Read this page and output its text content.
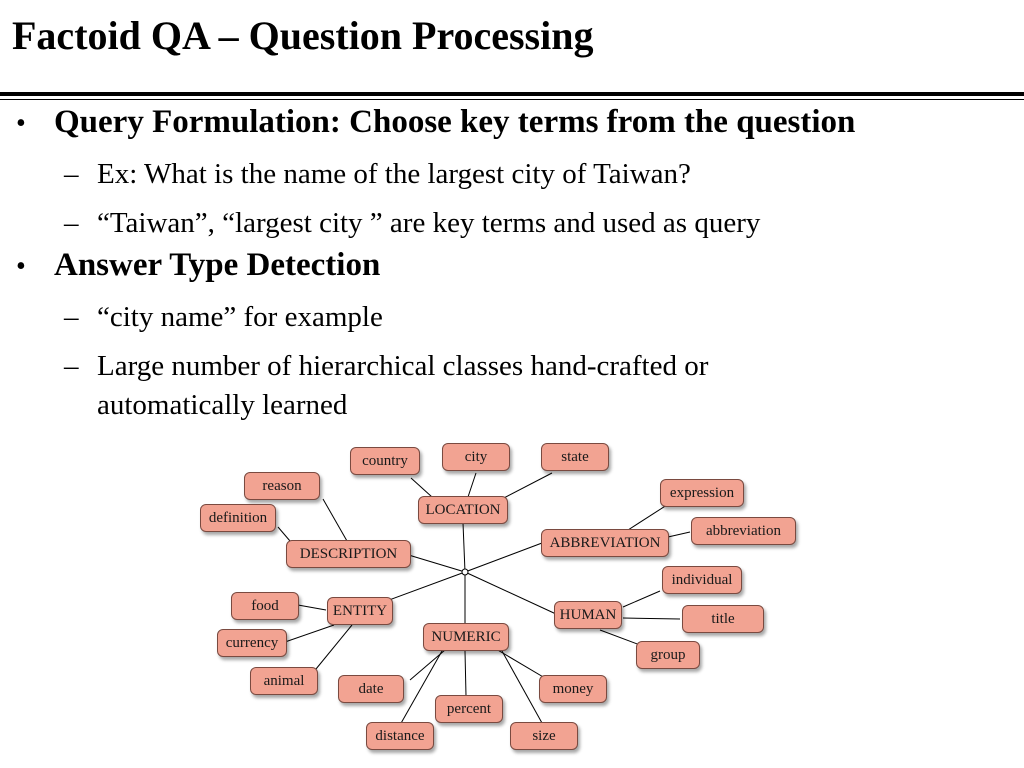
Factoid QA – Question Processing
• Query Formulation: Choose key terms from the question
– Ex: What is the name of the largest city of Taiwan?
– “Taiwan”, “largest city ” are key terms and used as query
• Answer Type Detection
– “city name” for example
– Large number of hierarchical classes hand-crafted or automatically learned
LOCATION
DESCRIPTION
ABBREVIATION
ENTITY	HUMAN
NUMERIC
country	city	state
reason
definition
expression
abbreviation
food
currency
animal
individual
title
group
date
percent
distance
money
size
